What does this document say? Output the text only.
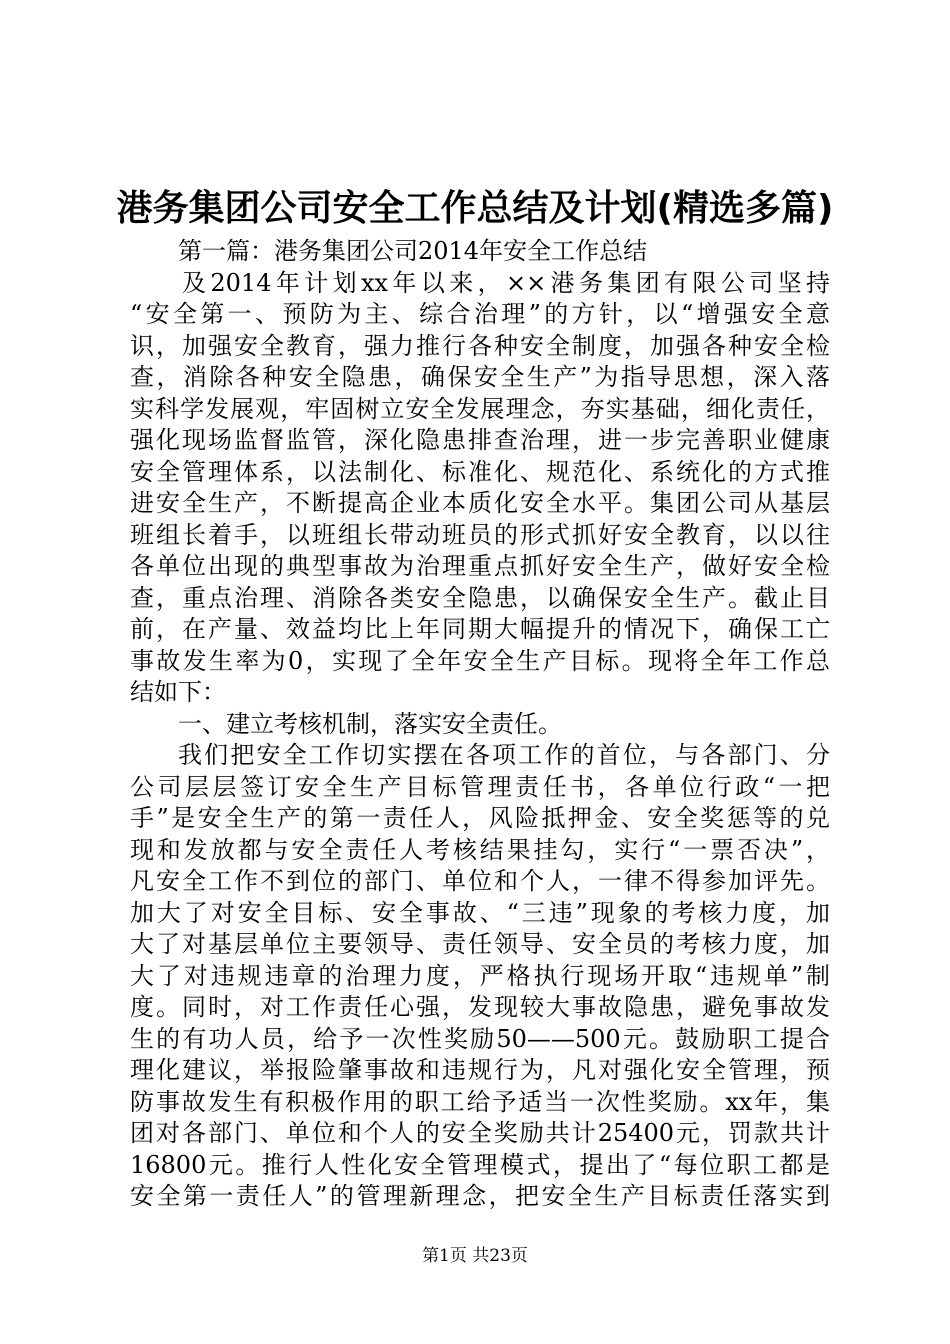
港务集团公司安全工作总结及计划(精选多篇)
第一篇：港务集团公司2014年安全工作总结
及2014年计划xx年以来，××港务集团有限公司坚持
“安全第一、预防为主、综合治理”的方针，以“增强安全意
识，加强安全教育，强力推行各种安全制度，加强各种安全检
查，消除各种安全隐患，确保安全生产”为指导思想，深入落
实科学发展观，牢固树立安全发展理念，夯实基础，细化责任，
强化现场监督监管，深化隐患排查治理，进一步完善职业健康
安全管理体系，以法制化、标准化、规范化、系统化的方式推
进安全生产，不断提高企业本质化安全水平。集团公司从基层
班组长着手，以班组长带动班员的形式抓好安全教育，以以往
各单位出现的典型事故为治理重点抓好安全生产，做好安全检
查，重点治理、消除各类安全隐患，以确保安全生产。截止目
前，在产量、效益均比上年同期大幅提升的情况下，确保工亡
事故发生率为0，实现了全年安全生产目标。现将全年工作总
结如下：
一、建立考核机制，落实安全责任。
我们把安全工作切实摆在各项工作的首位，与各部门、分
公司层层签订安全生产目标管理责任书，各单位行政“一把
手”是安全生产的第一责任人，风险抵押金、安全奖惩等的兑
现和发放都与安全责任人考核结果挂勾，实行“一票否决”，
凡安全工作不到位的部门、单位和个人，一律不得参加评先。
加大了对安全目标、安全事故、“三违”现象的考核力度，加
大了对基层单位主要领导、责任领导、安全员的考核力度，加
大了对违规违章的治理力度，严格执行现场开取“违规单”制
度。同时，对工作责任心强，发现较大事故隐患，避免事故发
生的有功人员，给予一次性奖励50——500元。鼓励职工提合
理化建议，举报险肇事故和违规行为，凡对强化安全管理，预
防事故发生有积极作用的职工给予适当一次性奖励。xx年，集
团对各部门、单位和个人的安全奖励共计25400元，罚款共计
16800元。推行人性化安全管理模式，提出了“每位职工都是
安全第一责任人”的管理新理念，把安全生产目标责任落实到
第1页 共23页
